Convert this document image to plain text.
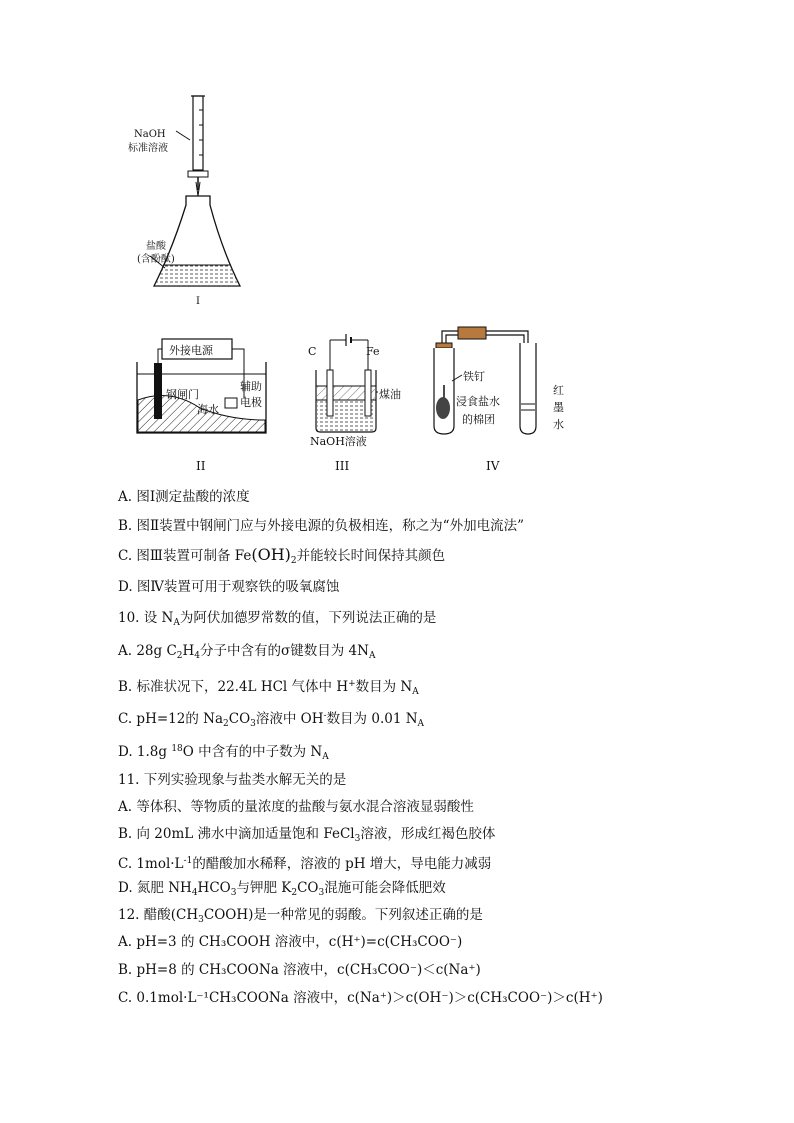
NaOH
标准溶液
盐酸
(含酚酞)
I
外接电源
钢闸门
海水
辅助
电极
II
C	Fe
煤油
NaOH溶液
III
铁钉
浸食盐水
的棉团
红
墨
水
IV
A. 图I测定盐酸的浓度
B. 图Ⅱ装置中钢闸门应与外接电源的负极相连，称之为“外加电流法”
C. 图Ⅲ装置可制备 $Fe(OH)_2$并能较长时间保持其颜色
D. 图Ⅳ装置可用于观察铁的吸氧腐蚀
10. 设 $N_A$为阿伏加德罗常数的值，下列说法正确的是
A. 28g $C_2H_4$分子中含有的σ键数目为 $4N_A$
B. 标准状况下，22.4L HCl 气体中 H+数目为 $N_A$
C. pH=12的 $Na_2CO_3$溶液中 OH-数目为 0.01 $N_A$
D. 1.8g $^{18}$O 中含有的中子数为 $N_A$
11. 下列实验现象与盐类水解无关的是
A. 等体积、等物质的量浓度的盐酸与氨水混合溶液显弱酸性
B. 向 20mL 沸水中滴加适量饱和 FeCl$_3$溶液，形成红褐色胶体
C. $1mol\cdot L^{-1}$的醋酸加水稀释，溶液的 pH 增大，导电能力减弱
D. 氮肥 $NH_4HCO_3$与钾肥 $K_2CO_3$混施可能会降低肥效
12. 醋酸$(CH_3COOH)$是一种常见的弱酸。下列叙述正确的是
A. pH=3 的 CH₃COOH 溶液中，c(H⁺)=c(CH₃COO⁻)
B. pH=8 的 CH₃COONa 溶液中，c(CH₃COO⁻)＜c(Na⁺)
C. 0.1mol·L⁻¹CH₃COONa 溶液中，c(Na⁺)＞c(OH⁻)＞c(CH₃COO⁻)＞c(H⁺)
